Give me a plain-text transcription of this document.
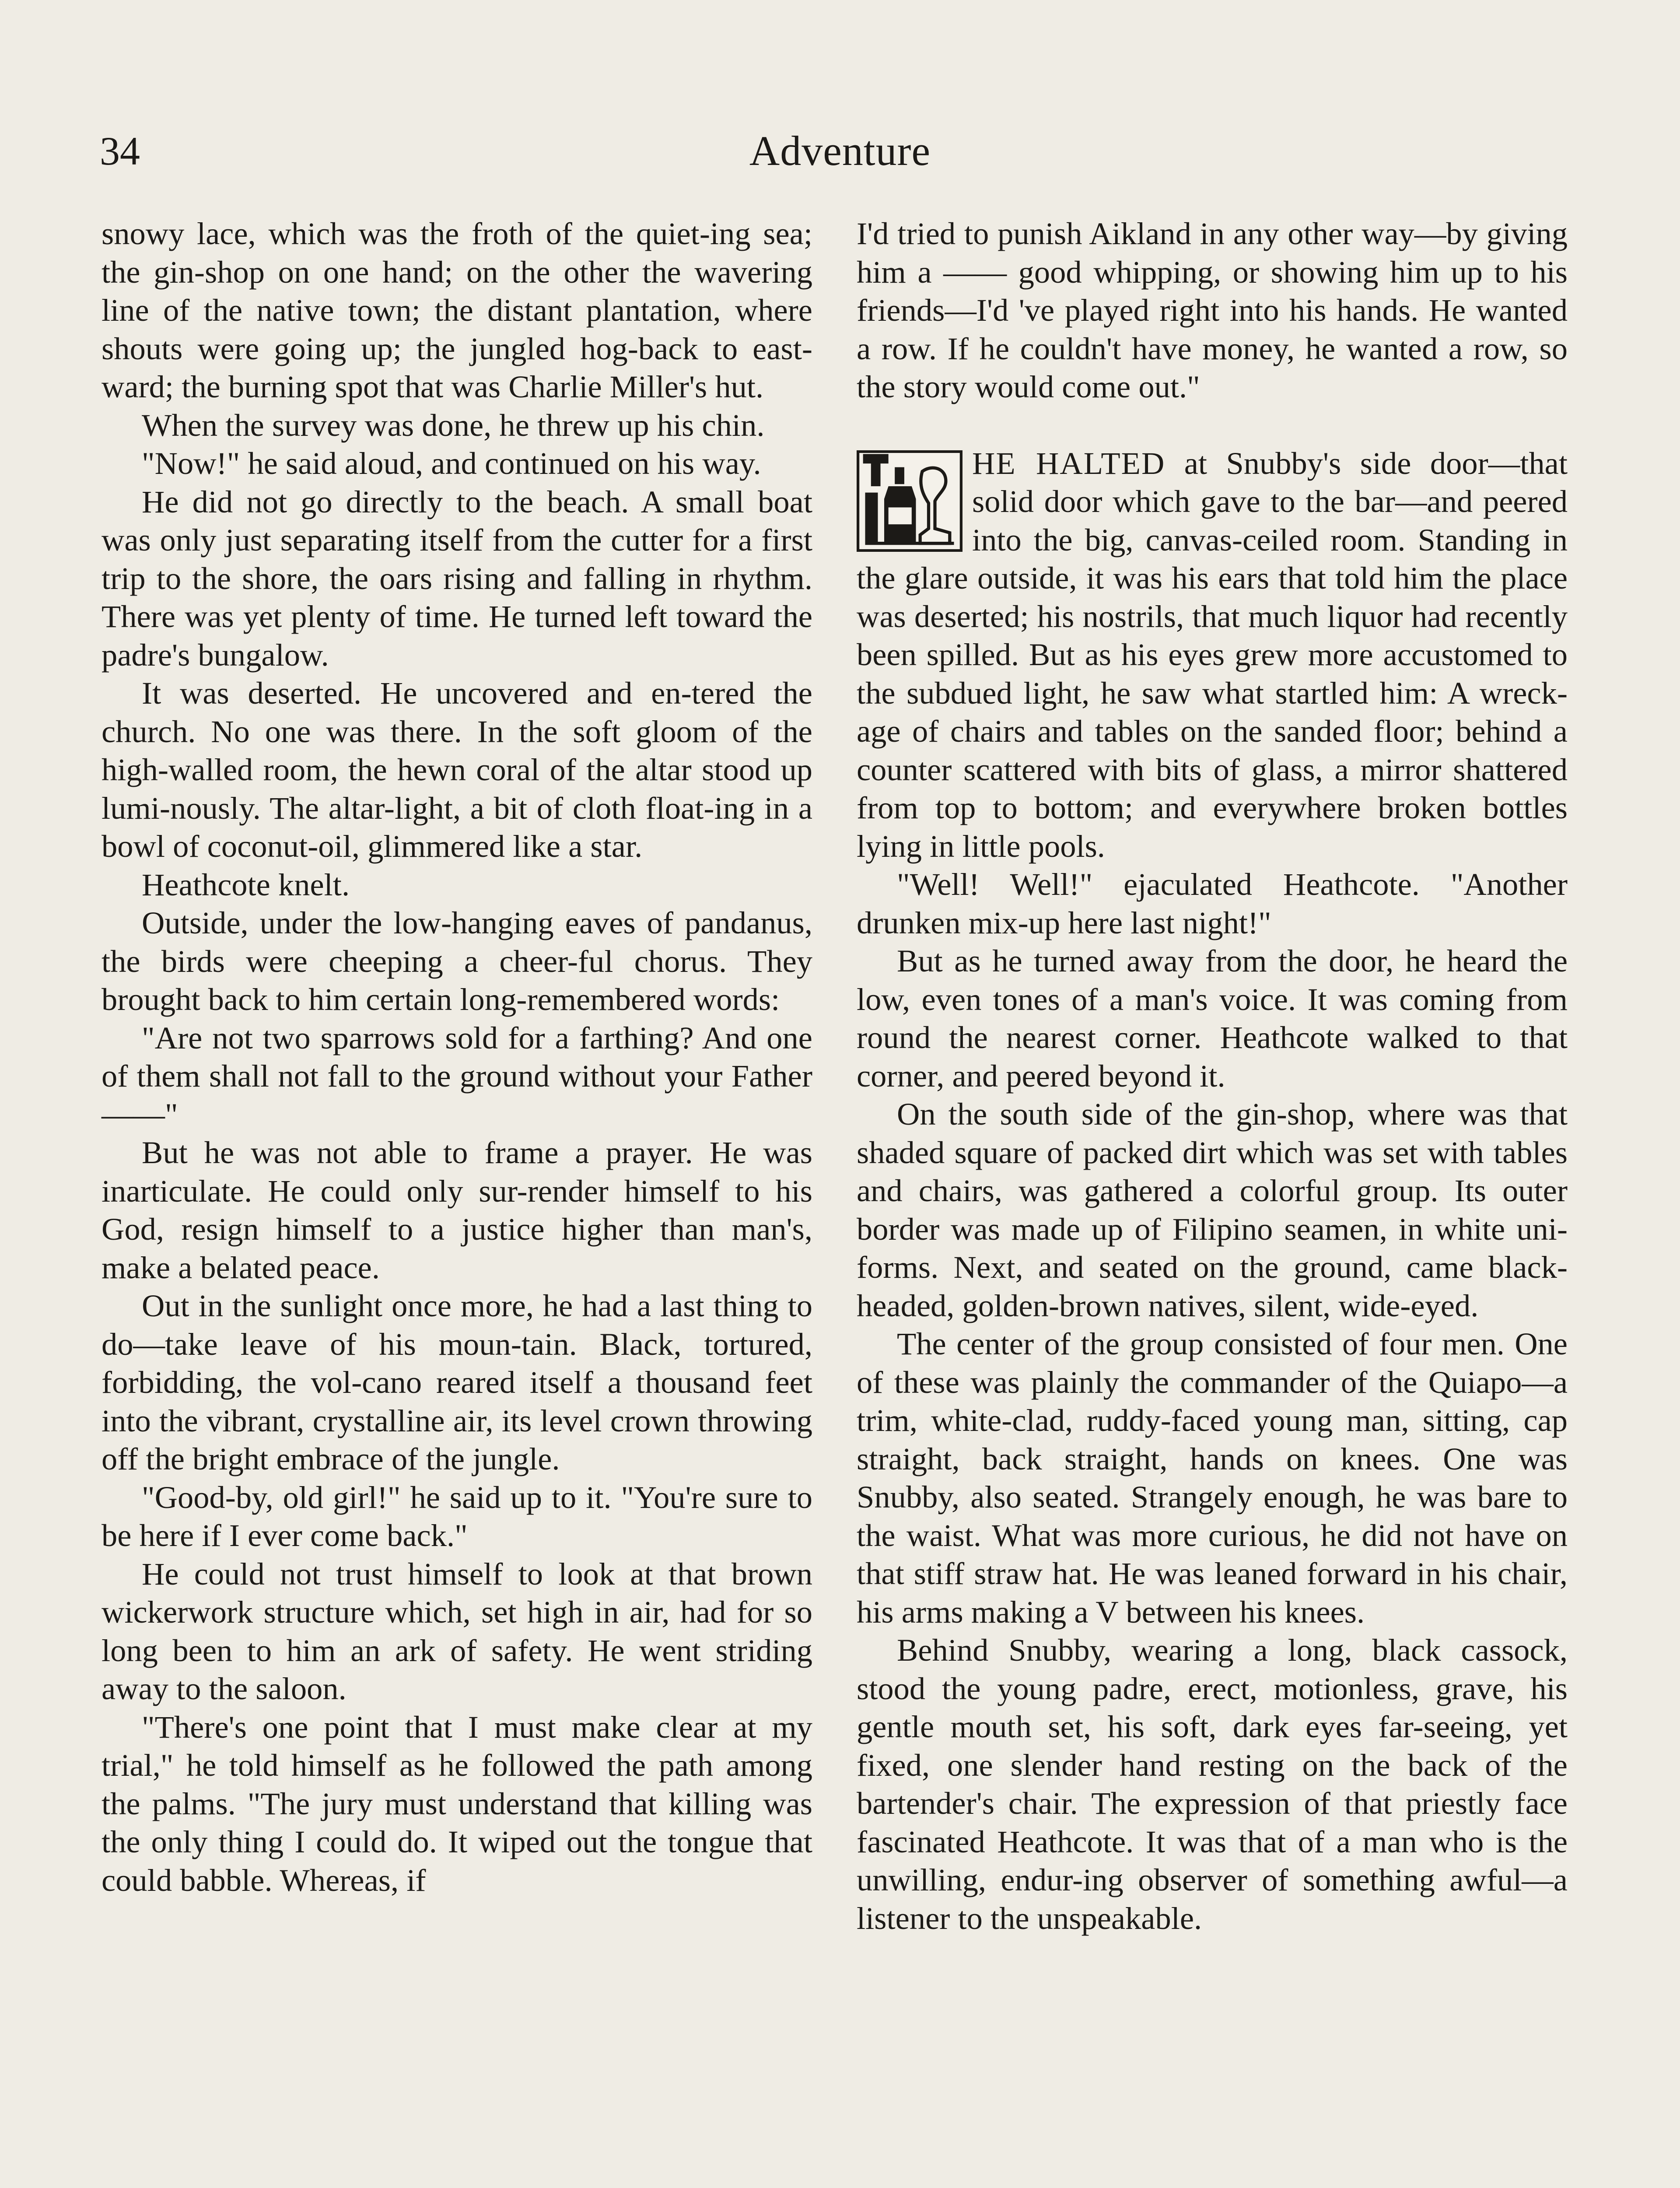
34	Adventure

snowy lace, which was the froth of the quiet-ing sea; the gin-shop on one hand; on the other the wavering line of the native town; the distant plantation, where shouts were going up; the jungled hog-back to east-ward; the burning spot that was Charlie Miller's hut.

When the survey was done, he threw up his chin.

"Now!" he said aloud, and continued on his way.

He did not go directly to the beach. A small boat was only just separating itself from the cutter for a first trip to the shore, the oars rising and falling in rhythm. There was yet plenty of time. He turned left toward the padre's bungalow.

It was deserted. He uncovered and en-tered the church. No one was there. In the soft gloom of the high-walled room, the hewn coral of the altar stood up lumi-nously. The altar-light, a bit of cloth float-ing in a bowl of coconut-oil, glimmered like a star.

Heathcote knelt.

Outside, under the low-hanging eaves of pandanus, the birds were cheeping a cheer-ful chorus. They brought back to him certain long-remembered words:

"Are not two sparrows sold for a farthing? And one of them shall not fall to the ground without your Father——"

But he was not able to frame a prayer. He was inarticulate. He could only sur-render himself to his God, resign himself to a justice higher than man's, make a belated peace.

Out in the sunlight once more, he had a last thing to do—take leave of his moun-tain. Black, tortured, forbidding, the vol-cano reared itself a thousand feet into the vibrant, crystalline air, its level crown throwing off the bright embrace of the jungle.

"Good-by, old girl!" he said up to it. "You're sure to be here if I ever come back."

He could not trust himself to look at that brown wickerwork structure which, set high in air, had for so long been to him an ark of safety. He went striding away to the saloon.

"There's one point that I must make clear at my trial," he told himself as he followed the path among the palms. "The jury must understand that killing was the only thing I could do. It wiped out the tongue that could babble. Whereas, if

I'd tried to punish Aikland in any other way—by giving him a —— good whipping, or showing him up to his friends—I'd 've played right into his hands. He wanted a row. If he couldn't have money, he wanted a row, so the story would come out."

HE HALTED at Snubby's side door—that solid door which gave to the bar—and peered into the big, canvas-ceiled room. Standing in the glare outside, it was his ears that told him the place was deserted; his nostrils, that much liquor had recently been spilled. But as his eyes grew more accustomed to the subdued light, he saw what startled him: A wreck-age of chairs and tables on the sanded floor; behind a counter scattered with bits of glass, a mirror shattered from top to bottom; and everywhere broken bottles lying in little pools.

"Well! Well!" ejaculated Heathcote. "Another drunken mix-up here last night!"

But as he turned away from the door, he heard the low, even tones of a man's voice. It was coming from round the nearest corner. Heathcote walked to that corner, and peered beyond it.

On the south side of the gin-shop, where was that shaded square of packed dirt which was set with tables and chairs, was gathered a colorful group. Its outer border was made up of Filipino seamen, in white uni-forms. Next, and seated on the ground, came black-headed, golden-brown natives, silent, wide-eyed.

The center of the group consisted of four men. One of these was plainly the commander of the Quiapo—a trim, white-clad, ruddy-faced young man, sitting, cap straight, back straight, hands on knees. One was Snubby, also seated. Strangely enough, he was bare to the waist. What was more curious, he did not have on that stiff straw hat. He was leaned forward in his chair, his arms making a V between his knees.

Behind Snubby, wearing a long, black cassock, stood the young padre, erect, motionless, grave, his gentle mouth set, his soft, dark eyes far-seeing, yet fixed, one slender hand resting on the back of the bartender's chair. The expression of that priestly face fascinated Heathcote. It was that of a man who is the unwilling, endur-ing observer of something awful—a listener to the unspeakable.
